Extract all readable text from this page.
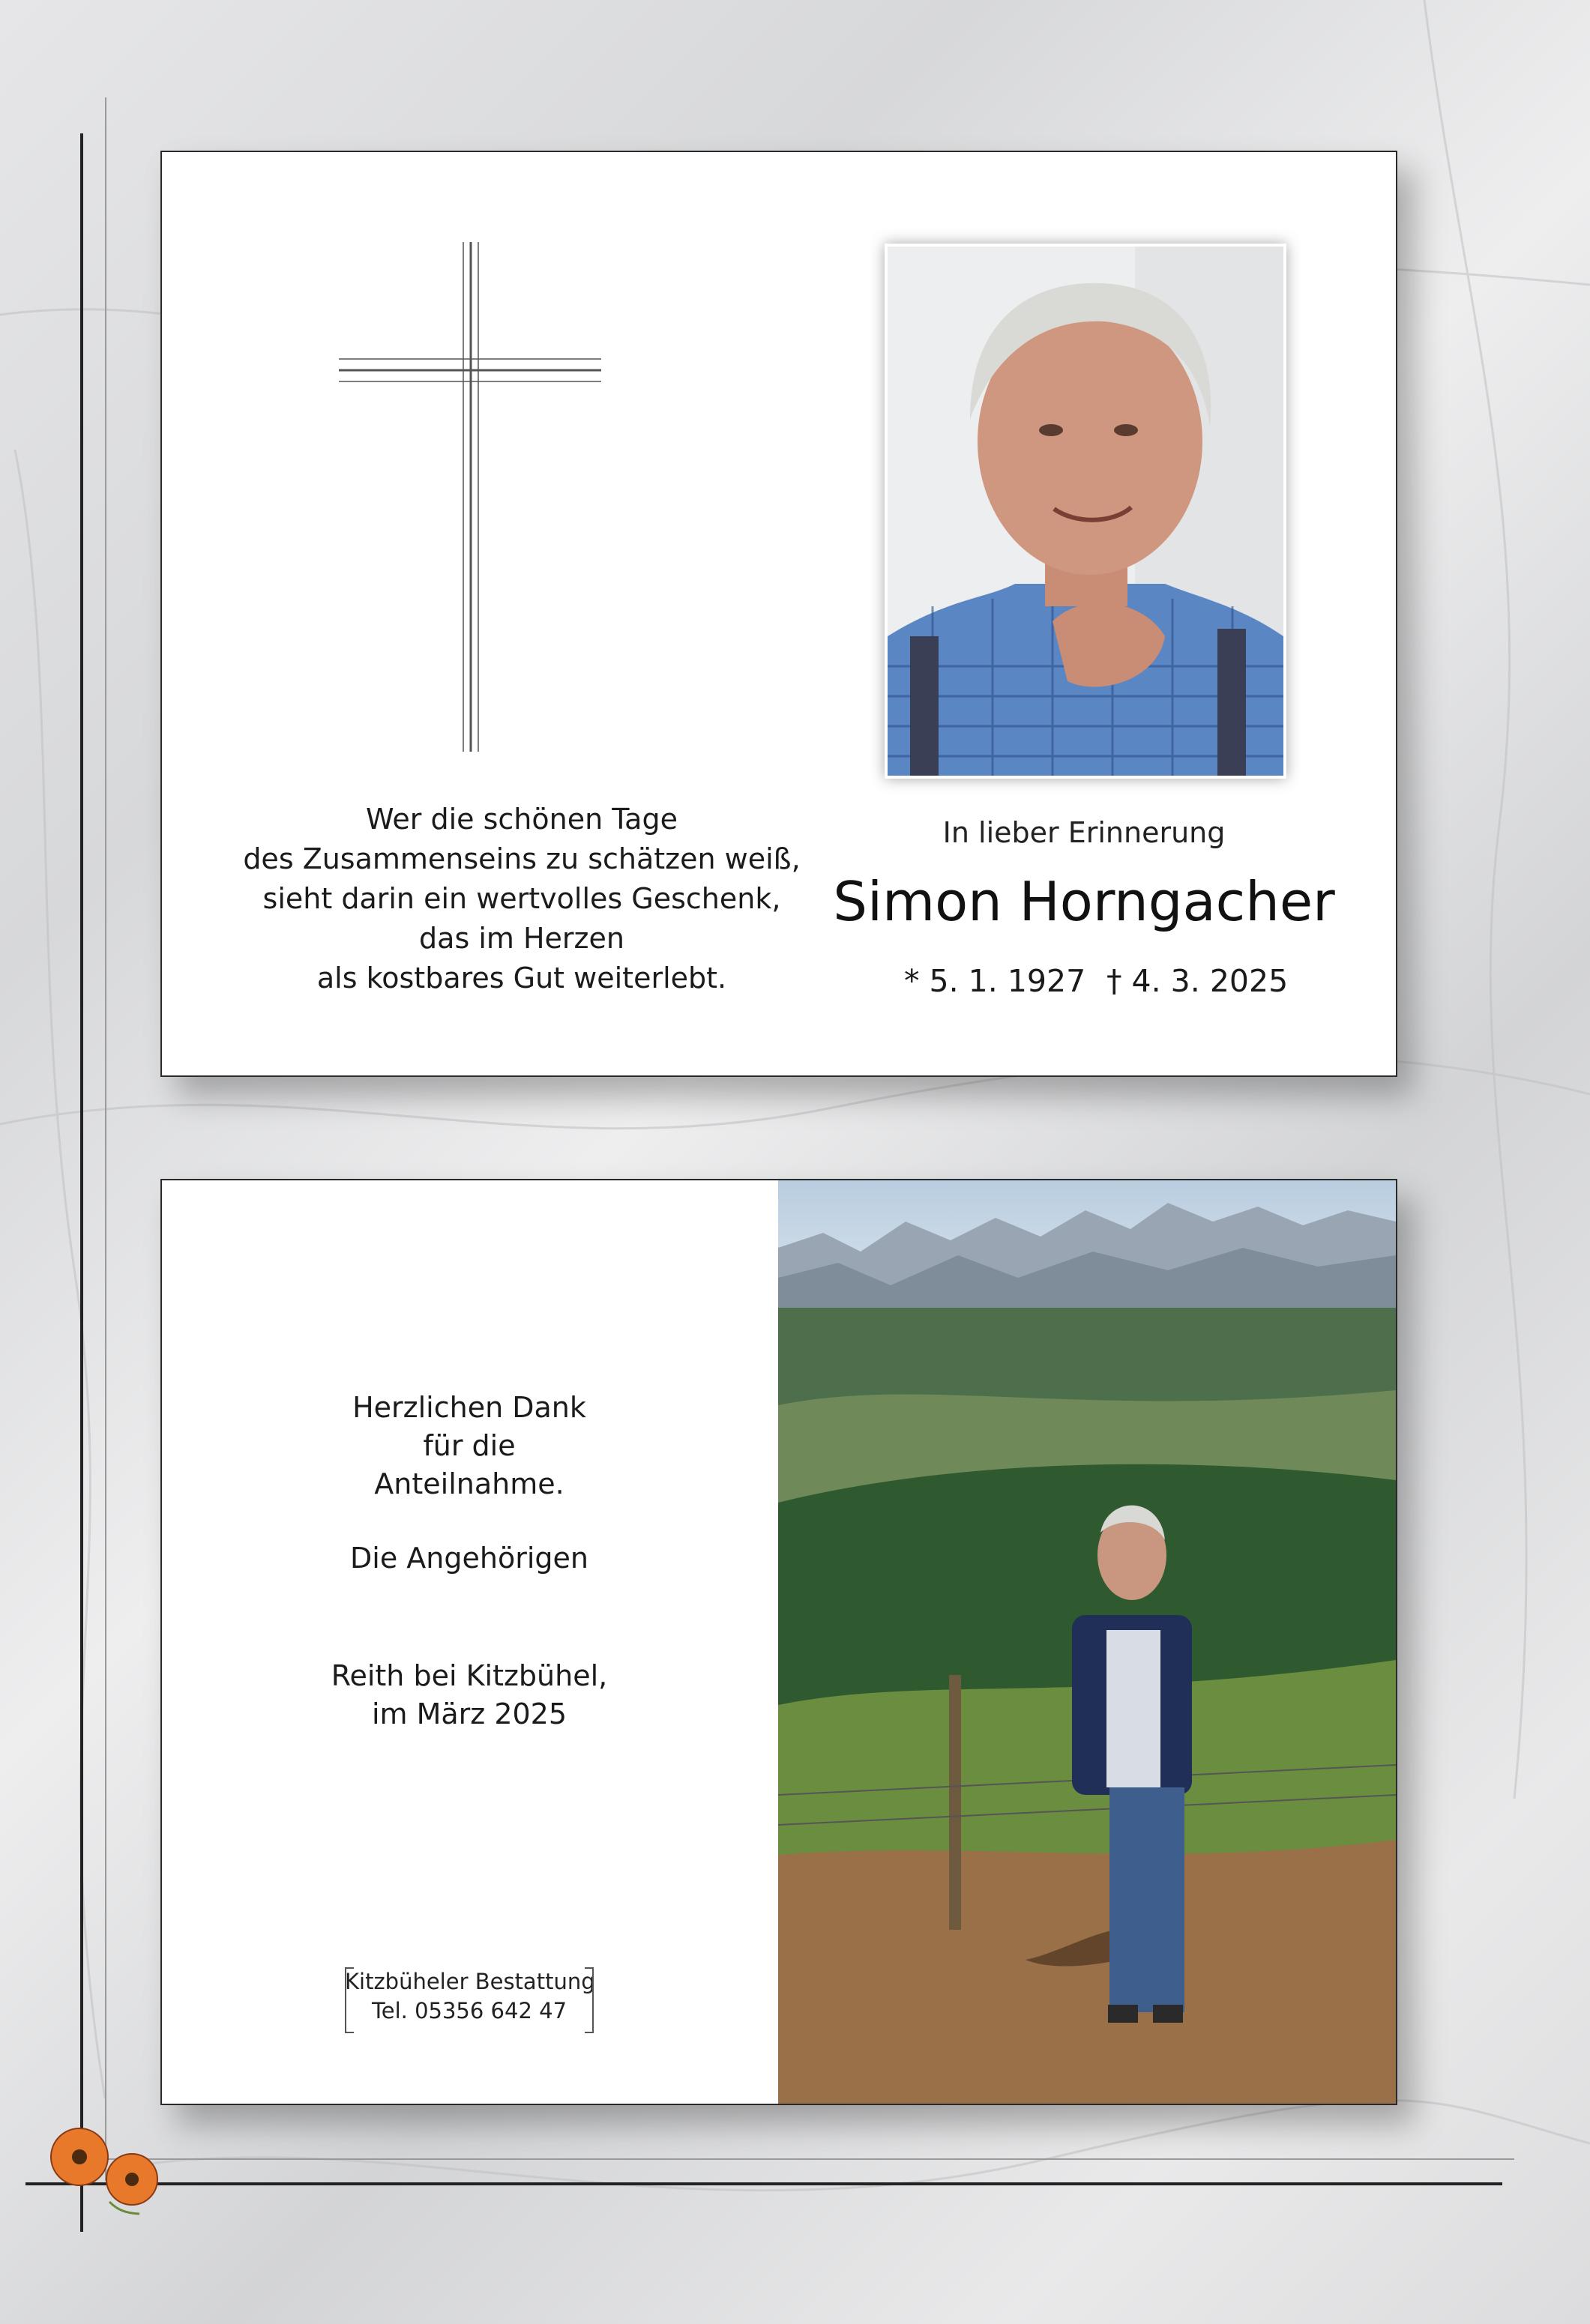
Wer die schönen Tage
des Zusammenseins zu schätzen weiß,
sieht darin ein wertvolles Geschenk,
das im Herzen
als kostbares Gut weiterlebt.
In lieber Erinnerung
Simon Horngacher
* 5. 1. 1927 † 4. 3. 2025
Herzlichen Dank
für die
Anteilnahme.
Die Angehörigen
Reith bei Kitzbühel,
im März 2025
Kitzbüheler Bestattung
Tel. 05356 642 47
